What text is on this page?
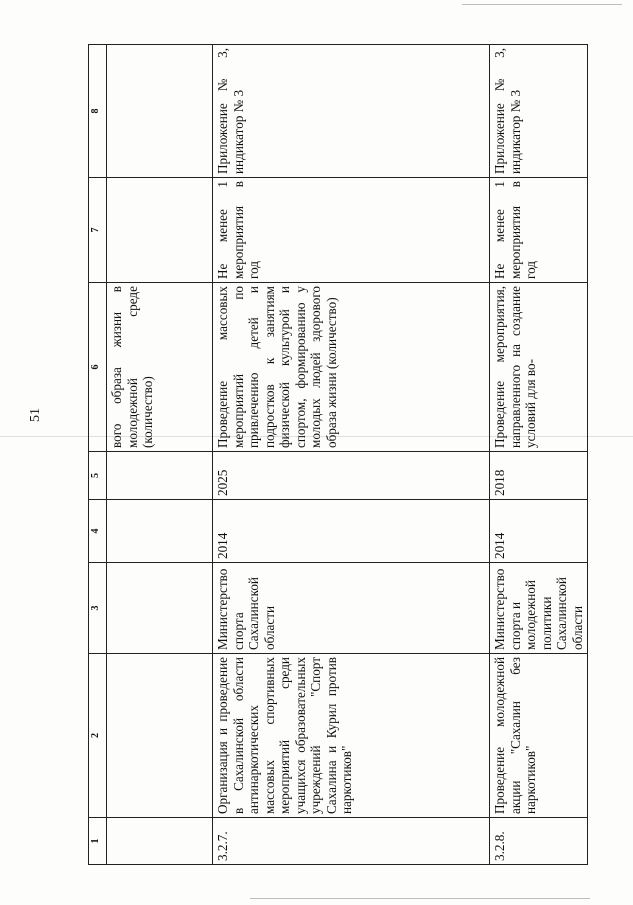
51
1	2	3	4	5	6	7	8
					вого образа жизни в молодежной среде (количество)		
3.2.7.	Организация и проведение в Сахалинской области антинаркотических массовых спортивных мероприятий среди учащихся образовательных учреждений "Спорт Сахалина и Курил против наркотиков"	Министерство спорта Сахалинской области	2014	2025	Проведение массовых мероприятий по привлечению детей и подростков к занятиям физической культурой и спортом, формированию у молодых людей здорового образа жизни (количество)	Не менее 1 мероприятия в год	Приложение № 3, индикатор № 3
3.2.8.	Проведение молодежной акции "Сахалин без наркотиков"	Министерство спорта и молодежной политики Сахалинской области	2014	2018	Проведение мероприятия, направленного на создание условий для во-	Не менее 1 мероприятия в год	Приложение № 3, индикатор № 3
